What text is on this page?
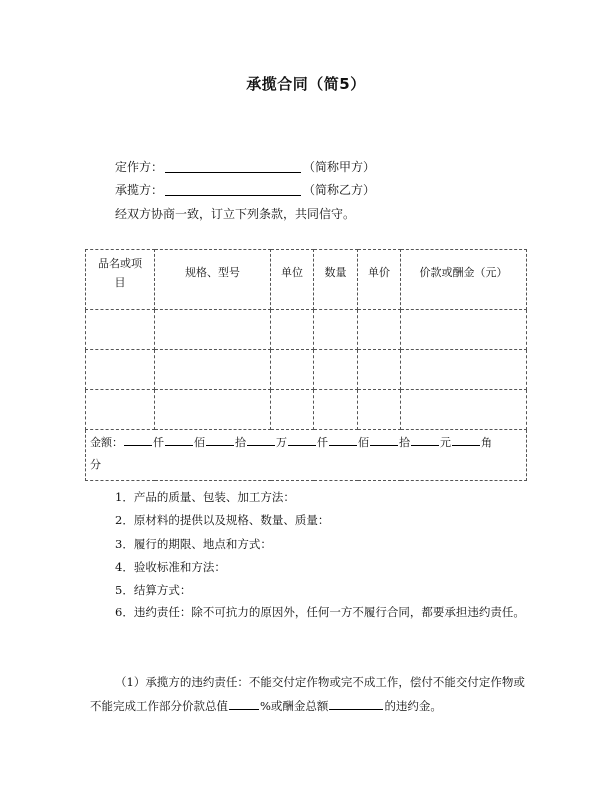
承揽合同（简5）
定作方：	（简称甲方）
承揽方：	（简称乙方）
经双方协商一致，订立下列条款，共同信守。
品名或项目	规格、型号	单位	数量	单价	价款或酬金（元）

金额： 仟 佰 拾 万 仟 佰 拾 元 角
分					
1．产品的质量、包装、加工方法：
2．原材料的提供以及规格、数量、质量：
3．履行的期限、地点和方式：
4．验收标准和方法：
5．结算方式：
6．违约责任：除不可抗力的原因外，任何一方不履行合同，都要承担违约责任。
（1）承揽方的违约责任：不能交付定作物或完不成工作，偿付不能交付定作物或不能完成工作部分价款总值	%或酬金总额	的违约金。
